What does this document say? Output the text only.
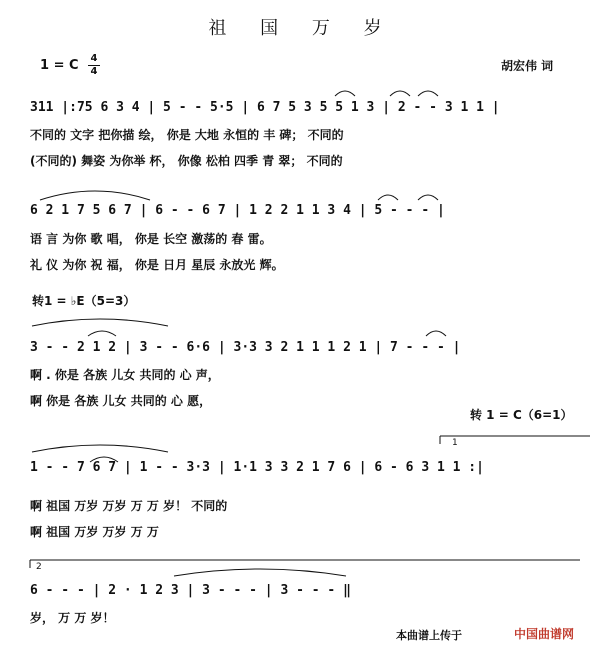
祖 国 万 岁
1 = C 4
4	胡宏伟 词
311 |:75 6 3 4 | 5 - - 5·5 | 6 7 5 3 5 5 1 3 | 2 - - 3 1 1 |
不同的 文字 把你描 绘， 你是 大地 永恒的 丰 碑； 不同的
(不同的) 舞姿 为你举 杯， 你像 松柏 四季 青 翠； 不同的
6 2 1 7 5 6 7 | 6 - - 6 7 | 1 2 2 1 1 3 4 | 5 - - - |
语 言 为你 歌 唱， 你是 长空 激荡的 春 雷。
礼 仪 为你 祝 福， 你是 日月 星辰 永放光 辉。
转1 = ♭E（5=3）
3 - - 2 1 2 | 3 - - 6·6 | 3·3 3 2 1 1 1 2 1 | 7 - - - |
啊 . 你是 各族 儿女 共同的 心 声，
啊 你是 各族 儿女 共同的 心 愿，
转 1 = C（6=1）
1 - - 7 6 7 | 1 - - 3·3 | 1·1 3 3 2 1 7 6 | 6 - 6 3 1 1 :|
啊 祖国 万岁 万岁 万 万 岁！ 不同的
啊 祖国 万岁 万岁 万 万
6 - - - | 2 · 1 2 3 | 3 - - - | 3 - - - ‖
岁， 万 万 岁！
1
2
本曲谱上传于	中国曲谱网
